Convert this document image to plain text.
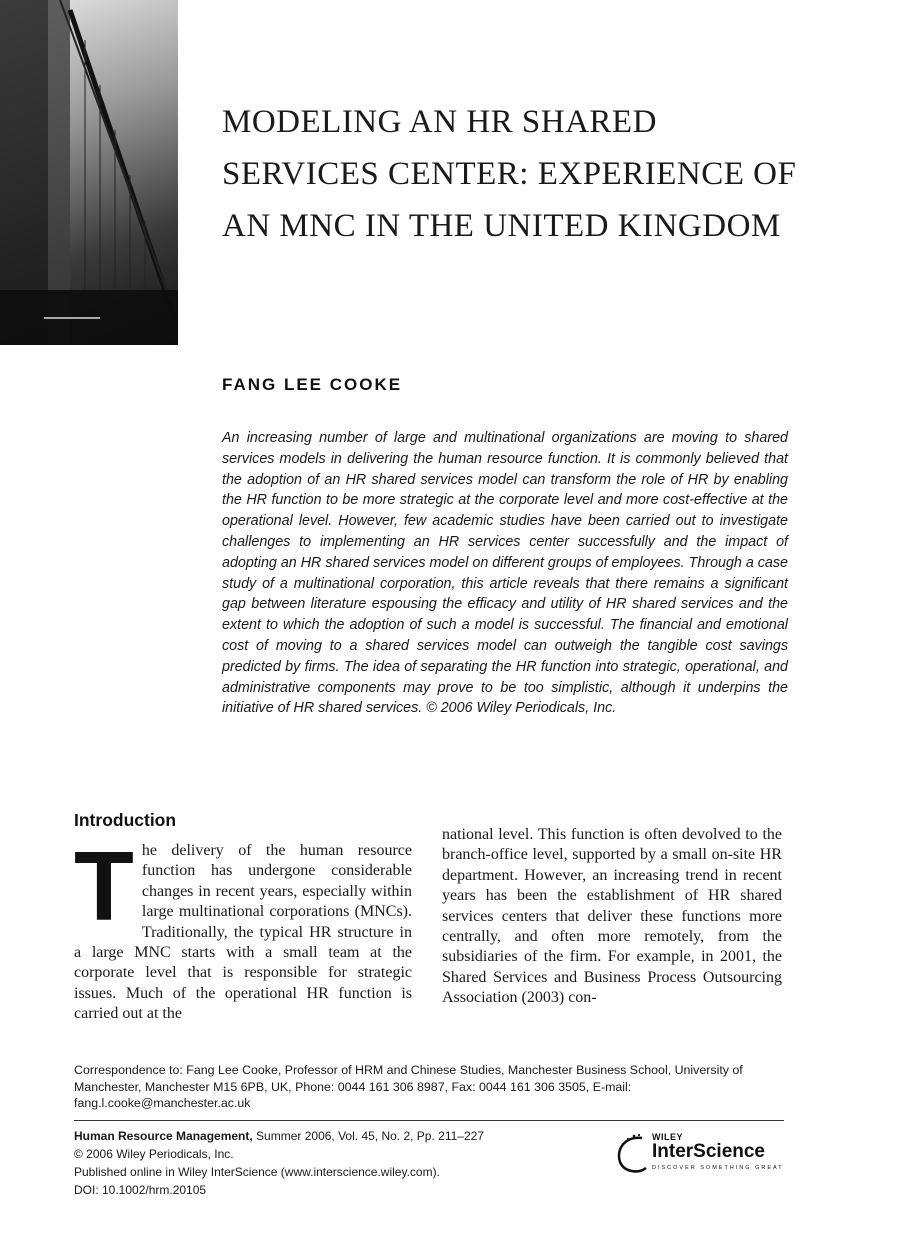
MODELING AN HR SHARED
SERVICES CENTER: EXPERIENCE OF
AN MNC IN THE UNITED KINGDOM
FANG LEE COOKE

An increasing number of large and multinational organizations are moving to shared services models in delivering the human resource function. It is commonly believed that the adoption of an HR shared services model can transform the role of HR by enabling the HR function to be more strategic at the corporate level and more cost-effective at the operational level. However, few academic studies have been carried out to investigate challenges to implementing an HR services center successfully and the impact of adopting an HR shared services model on different groups of employees. Through a case study of a multinational corporation, this article reveals that there remains a significant gap between literature espousing the efficacy and utility of HR shared services and the extent to which the adoption of such a model is successful. The financial and emotional cost of moving to a shared services model can outweigh the tangible cost savings predicted by firms. The idea of separating the HR function into strategic, operational, and administrative components may prove to be too simplistic, although it underpins the initiative of HR shared services. © 2006 Wiley Periodicals, Inc.

Introduction

T he delivery of the human resource function has undergone considerable changes in recent years, especially within large multinational corporations (MNCs). Traditionally, the typical HR structure in a large MNC starts with a small team at the corporate level that is responsible for strategic issues. Much of the operational HR function is carried out at the

national level. This function is often devolved to the branch-office level, supported by a small on-site HR department. However, an increasing trend in recent years has been the establishment of HR shared services centers that deliver these functions more centrally, and often more remotely, from the subsidiaries of the firm. For example, in 2001, the Shared Services and Business Process Outsourcing Association (2003) con-

Correspondence to: Fang Lee Cooke, Professor of HRM and Chinese Studies, Manchester Business School, University of Manchester, Manchester M15 6PB, UK, Phone: 0044 161 306 8987, Fax: 0044 161 306 3505, E-mail: fang.l.cooke@manchester.ac.uk

Human Resource Management, Summer 2006, Vol. 45, No. 2, Pp. 211–227
© 2006 Wiley Periodicals, Inc.
Published online in Wiley InterScience (www.interscience.wiley.com).
DOI: 10.1002/hrm.20105
WILEY
InterScience
DISCOVER SOMETHING GREAT
